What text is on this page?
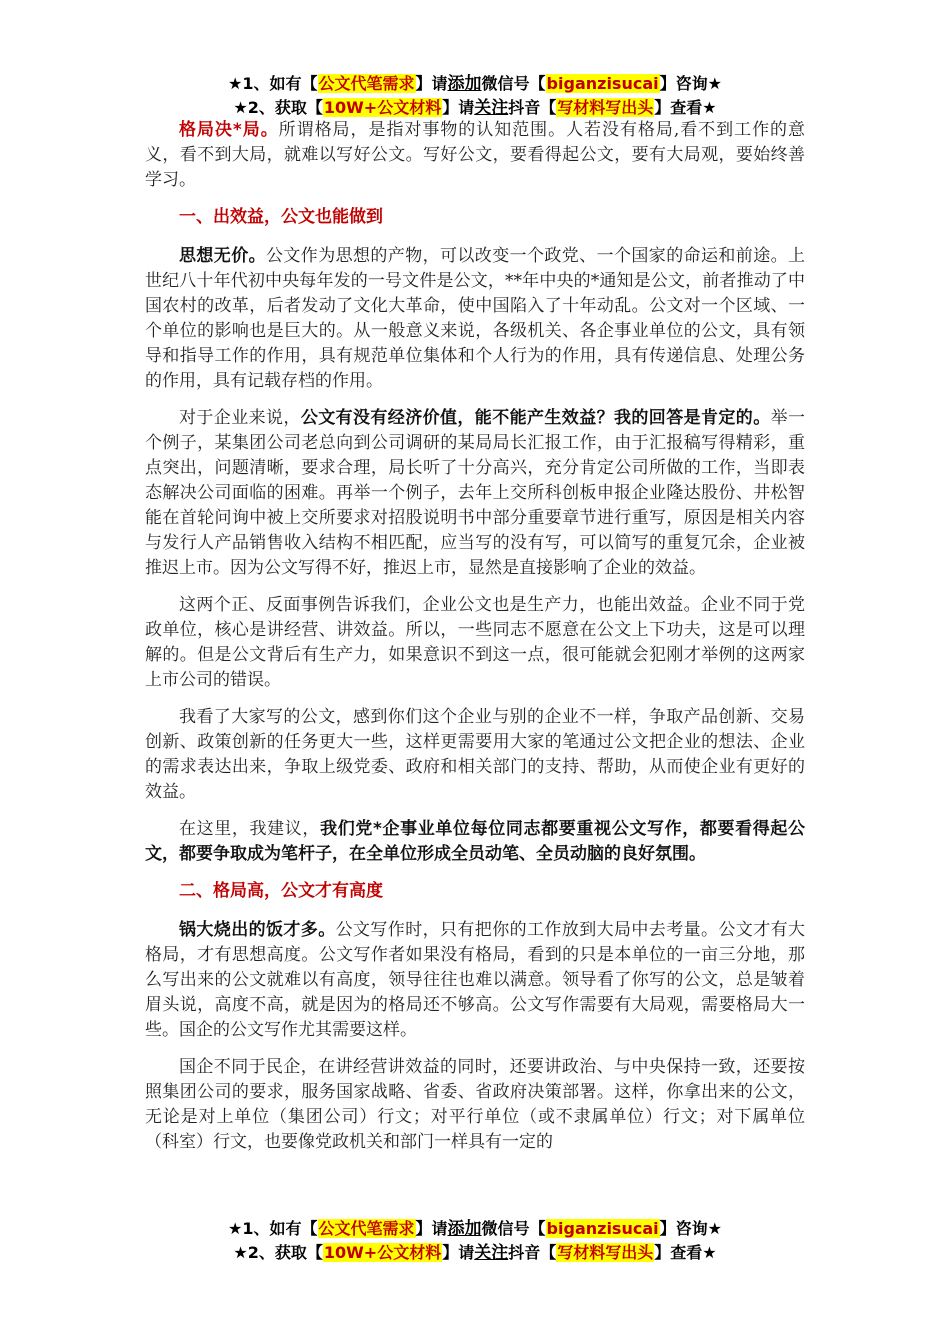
★1、如有【公文代笔需求】请添加微信号【biganzisucai】咨询★
★2、获取【10W+公文材料】请关注抖音【写材料写出头】查看★

格局决*局。所谓格局，是指对事物的认知范围。人若没有格局,看不到工作的意义，看不到大局，就难以写好公文。写好公文，要看得起公文，要有大局观，要始终善学习。

一、出效益，公文也能做到

思想无价。公文作为思想的产物，可以改变一个政党、一个国家的命运和前途。上世纪八十年代初中央每年发的一号文件是公文，**年中央的*通知是公文，前者推动了中国农村的改革，后者发动了文化大革命，使中国陷入了十年动乱。公文对一个区域、一个单位的影响也是巨大的。从一般意义来说，各级机关、各企事业单位的公文，具有领导和指导工作的作用，具有规范单位集体和个人行为的作用，具有传递信息、处理公务的作用，具有记载存档的作用。

对于企业来说，公文有没有经济价值，能不能产生效益？我的回答是肯定的。举一个例子，某集团公司老总向到公司调研的某局局长汇报工作，由于汇报稿写得精彩，重点突出，问题清晰，要求合理，局长听了十分高兴，充分肯定公司所做的工作，当即表态解决公司面临的困难。再举一个例子，去年上交所科创板申报企业隆达股份、井松智能在首轮问询中被上交所要求对招股说明书中部分重要章节进行重写，原因是相关内容与发行人产品销售收入结构不相匹配，应当写的没有写，可以简写的重复冗余，企业被推迟上市。因为公文写得不好，推迟上市，显然是直接影响了企业的效益。

这两个正、反面事例告诉我们，企业公文也是生产力，也能出效益。企业不同于党政单位，核心是讲经营、讲效益。所以，一些同志不愿意在公文上下功夫，这是可以理解的。但是公文背后有生产力，如果意识不到这一点，很可能就会犯刚才举例的这两家上市公司的错误。

我看了大家写的公文，感到你们这个企业与别的企业不一样，争取产品创新、交易创新、政策创新的任务更大一些，这样更需要用大家的笔通过公文把企业的想法、企业的需求表达出来，争取上级党委、政府和相关部门的支持、帮助，从而使企业有更好的效益。

在这里，我建议，我们党*企事业单位每位同志都要重视公文写作，都要看得起公文，都要争取成为笔杆子，在全单位形成全员动笔、全员动脑的良好氛围。

二、格局高，公文才有高度

锅大烧出的饭才多。公文写作时，只有把你的工作放到大局中去考量。公文才有大格局，才有思想高度。公文写作者如果没有格局，看到的只是本单位的一亩三分地，那么写出来的公文就难以有高度，领导往往也难以满意。领导看了你写的公文，总是皱着眉头说，高度不高，就是因为的格局还不够高。公文写作需要有大局观，需要格局大一些。国企的公文写作尤其需要这样。

国企不同于民企，在讲经营讲效益的同时，还要讲政治、与中央保持一致，还要按照集团公司的要求，服务国家战略、省委、省政府决策部署。这样，你拿出来的公文，无论是对上单位（集团公司）行文；对平行单位（或不隶属单位）行文；对下属单位（科室）行文，也要像党政机关和部门一样具有一定的

★1、如有【公文代笔需求】请添加微信号【biganzisucai】咨询★
★2、获取【10W+公文材料】请关注抖音【写材料写出头】查看★
